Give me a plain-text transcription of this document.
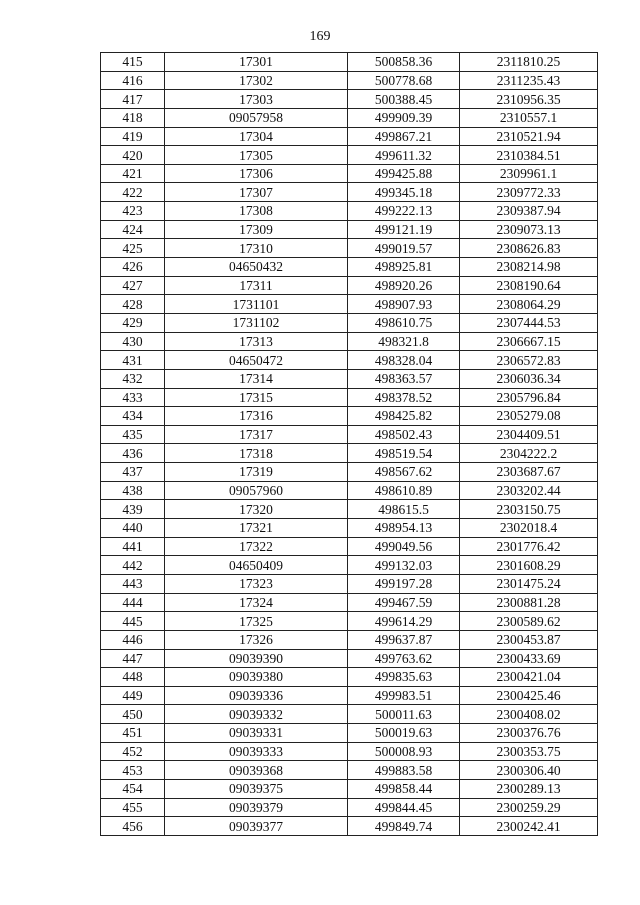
169
415	17301	500858.36	2311810.25
416	17302	500778.68	2311235.43
417	17303	500388.45	2310956.35
418	09057958	499909.39	2310557.1
419	17304	499867.21	2310521.94
420	17305	499611.32	2310384.51
421	17306	499425.88	2309961.1
422	17307	499345.18	2309772.33
423	17308	499222.13	2309387.94
424	17309	499121.19	2309073.13
425	17310	499019.57	2308626.83
426	04650432	498925.81	2308214.98
427	17311	498920.26	2308190.64
428	1731101	498907.93	2308064.29
429	1731102	498610.75	2307444.53
430	17313	498321.8	2306667.15
431	04650472	498328.04	2306572.83
432	17314	498363.57	2306036.34
433	17315	498378.52	2305796.84
434	17316	498425.82	2305279.08
435	17317	498502.43	2304409.51
436	17318	498519.54	2304222.2
437	17319	498567.62	2303687.67
438	09057960	498610.89	2303202.44
439	17320	498615.5	2303150.75
440	17321	498954.13	2302018.4
441	17322	499049.56	2301776.42
442	04650409	499132.03	2301608.29
443	17323	499197.28	2301475.24
444	17324	499467.59	2300881.28
445	17325	499614.29	2300589.62
446	17326	499637.87	2300453.87
447	09039390	499763.62	2300433.69
448	09039380	499835.63	2300421.04
449	09039336	499983.51	2300425.46
450	09039332	500011.63	2300408.02
451	09039331	500019.63	2300376.76
452	09039333	500008.93	2300353.75
453	09039368	499883.58	2300306.40
454	09039375	499858.44	2300289.13
455	09039379	499844.45	2300259.29
456	09039377	499849.74	2300242.41
